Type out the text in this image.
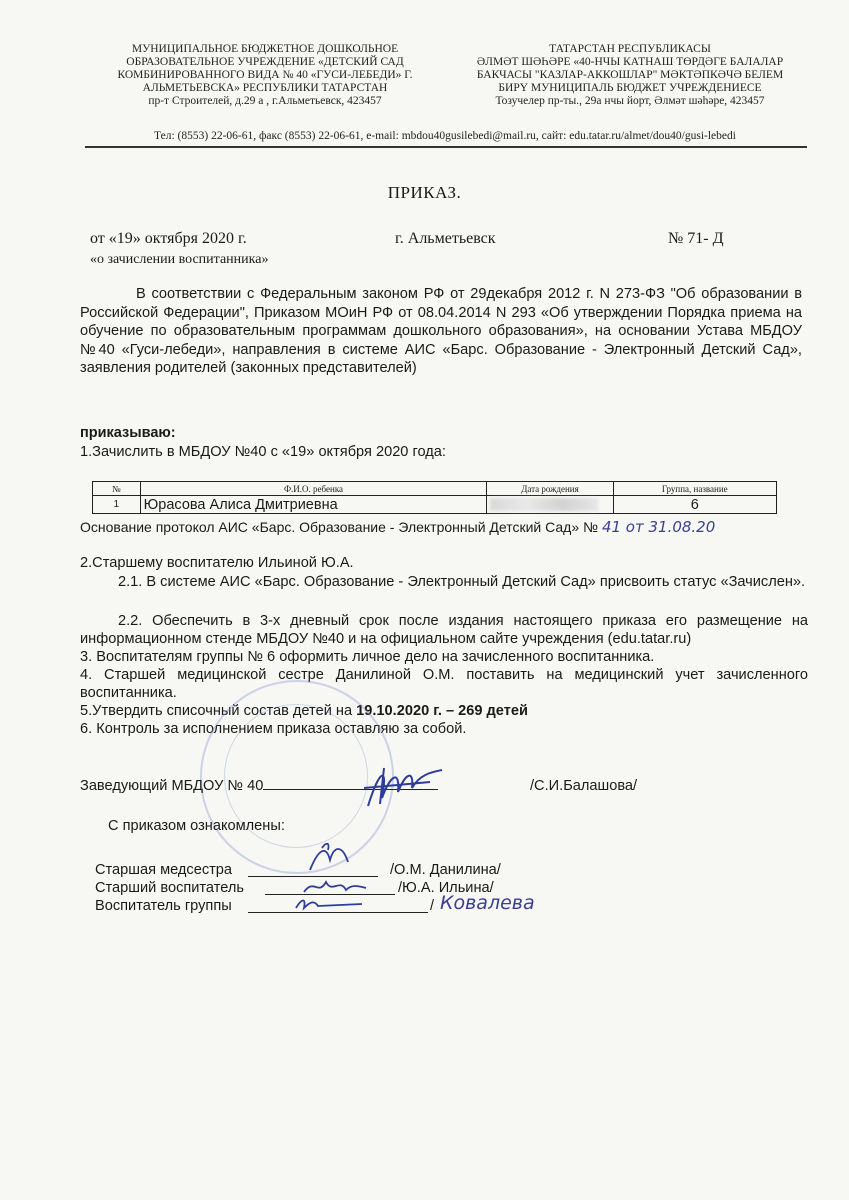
МУНИЦИПАЛЬНОЕ БЮДЖЕТНОЕ ДОШКОЛЬНОЕ
ОБРАЗОВАТЕЛЬНОЕ УЧРЕЖДЕНИЕ «ДЕТСКИЙ САД
КОМБИНИРОВАННОГО ВИДА № 40 «ГУСИ-ЛЕБЕДИ» Г.
АЛЬМЕТЬЕВСКА» РЕСПУБЛИКИ ТАТАРСТАН
пр-т Строителей, д.29 а , г.Альметьевск, 423457
ТАТАРСТАН РЕСПУБЛИКАСЫ
ӘЛМӘТ ШӘҺӘРЕ «40-НЧЫ КАТНАШ ТӨРДӘГЕ БАЛАЛАР
БАКЧАСЫ "КАЗЛАР-АККОШЛАР" МӘКТӘПКӘЧӘ БЕЛЕМ
БИРҮ МУНИЦИПАЛЬ БЮДЖЕТ УЧРЕЖДЕНИЕСЕ
Тозучелер пр-ты., 29а нчы йорт, Әлмәт шәһәре, 423457
Тел: (8553) 22-06-61, факс (8553) 22-06-61, e-mail: mbdou40gusilebedi@mail.ru, сайт: edu.tatar.ru/almet/dou40/gusi-lebedi
ПРИКАЗ.
от «19» октября 2020 г.	г. Альметьевск	№ 71- Д
«о зачислении воспитанника»
В соответствии с Федеральным законом РФ от 29декабря 2012 г. N 273-ФЗ "Об образовании в Российской Федерации", Приказом МОиН РФ от 08.04.2014 N 293 «Об утверждении Порядка приема на обучение по образовательным программам дошкольного образования», на основании Устава МБДОУ №40 «Гуси-лебеди», направления в системе АИС «Барс. Образование - Электронный Детский Сад», заявления родителей (законных представителей)
приказываю:
1.Зачислить в МБДОУ №40 с «19» октября 2020 года:
№	Ф.И.О. ребенка	Дата рождения	Группа, название
1	Юрасова Алиса Дмитриевна		6
Основание протокол АИС «Барс. Образование - Электронный Детский Сад» № 41 от 31.08.20
2.Старшему воспитателю Ильиной Ю.А.
2.1. В системе АИС «Барс. Образование - Электронный Детский Сад» присвоить статус «Зачислен».
2.2. Обеспечить в 3-х дневный срок после издания настоящего приказа его размещение на
информационном стенде МБДОУ №40 и на официальном сайте учреждения (edu.tatar.ru)
3. Воспитателям группы № 6 оформить личное дело на зачисленного воспитанника.
4. Старшей медицинской сестре Данилиной О.М. поставить на медицинский учет зачисленного
воспитанника.
5.Утвердить списочный состав детей на 19.10.2020 г. – 269 детей
6. Контроль за исполнением приказа оставляю за собой.
Заведующий МБДОУ № 40	/С.И.Балашова/
С приказом ознакомлены:
Старшая медсестра	/О.М. Данилина/
Старший воспитатель	/Ю.А. Ильина/
Воспитатель группы	/ Ковалева
